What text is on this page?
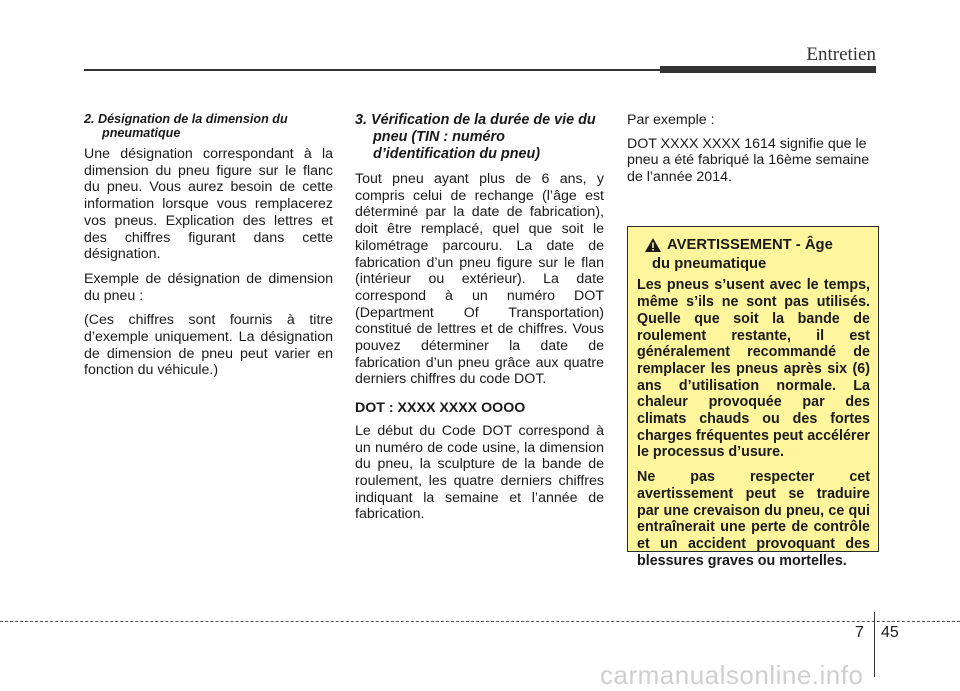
Entretien
2. Désignation de la dimension du
pneumatique

Une désignation correspondant à la dimension du pneu figure sur le flanc du pneu. Vous aurez besoin de cette information lorsque vous remplacerez vos pneus. Explication des lettres et des chiffres figurant dans cette désignation.

Exemple de désignation de dimension du pneu :

(Ces chiffres sont fournis à titre d’exemple uniquement. La désignation de dimension de pneu peut varier en fonction du véhicule.)

3. Vérification de la durée de vie du pneu (TIN : numéro d’identification du pneu)

Tout pneu ayant plus de 6 ans, y compris celui de rechange (l’âge est déterminé par la date de fabrication), doit être remplacé, quel que soit le kilométrage parcouru. La date de fabrication d’un pneu figure sur le flan (intérieur ou extérieur). La date correspond à un numéro DOT (Department Of Transportation) constitué de lettres et de chiffres. Vous pouvez déterminer la date de fabrication d’un pneu grâce aux quatre derniers chiffres du code DOT.

DOT : XXXX XXXX OOOO

Le début du Code DOT correspond à un numéro de code usine, la dimension du pneu, la sculpture de la bande de roulement, les quatre derniers chiffres indiquant la semaine et l’année de fabrication.

Par exemple :

DOT XXXX XXXX 1614 signifie que le pneu a été fabriqué la 16ème semaine de l’année 2014.

AVERTISSEMENT - Âge
du pneumatique

Les pneus s’usent avec le temps, même s’ils ne sont pas utilisés. Quelle que soit la bande de roulement restante, il est généralement recommandé de remplacer les pneus après six (6) ans d’utilisation normale. La chaleur provoquée par des climats chauds ou des fortes charges fréquentes peut accélérer le processus d’usure.

Ne pas respecter cet avertissement peut se traduire par une crevaison du pneu, ce qui entraînerait une perte de contrôle et un accident provoquant des blessures graves ou mortelles.

7 45
carmanualsonline.info
